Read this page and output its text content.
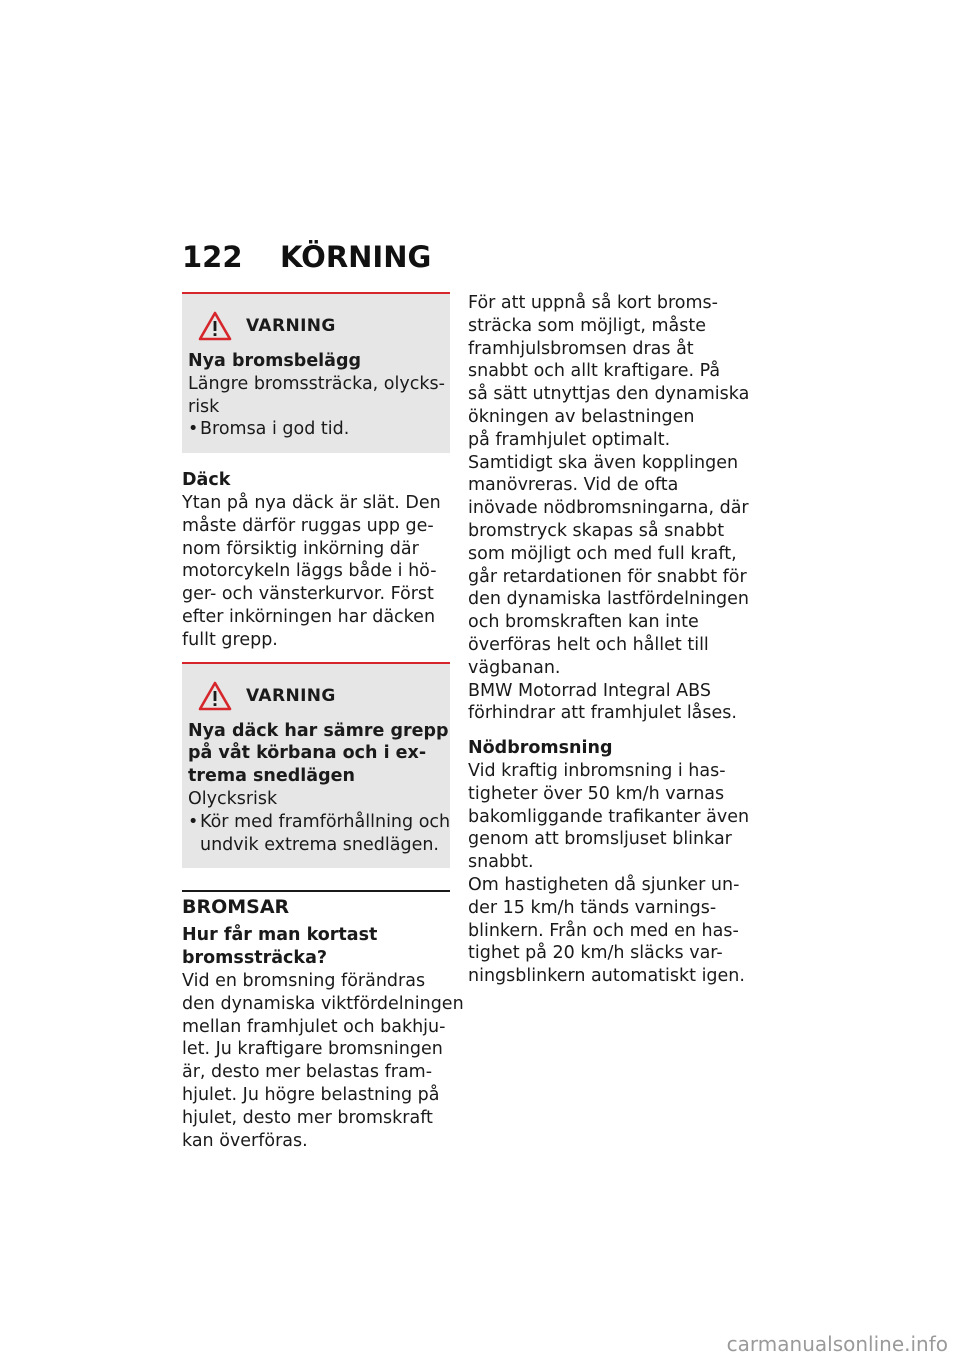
122 KÖRNING
VARNING

Nya bromsbelägg

Längre bromssträcka, olycks-

risk

• Bromsa i god tid.

Däck

Ytan på nya däck är slät. Den

måste därför ruggas upp ge-

nom försiktig inkörning där

motorcykeln läggs både i hö-

ger- och vänsterkurvor. Först

efter inkörningen har däcken

fullt grepp.

VARNING

Nya däck har sämre grepp

på våt körbana och i ex-

trema snedlägen

Olycksrisk

• Kör med framförhållning och

undvik extrema snedlägen.

BROMSAR

Hur får man kortast

bromssträcka?

Vid en bromsning förändras

den dynamiska viktfördelningen

mellan framhjulet och bakhju-

let. Ju kraftigare bromsningen

är, desto mer belastas fram-

hjulet. Ju högre belastning på

hjulet, desto mer bromskraft

kan överföras.

För att uppnå så kort broms-

sträcka som möjligt, måste

framhjulsbromsen dras åt

snabbt och allt kraftigare. På

så sätt utnyttjas den dynamiska

ökningen av belastningen

på framhjulet optimalt.

Samtidigt ska även kopplingen

manövreras. Vid de ofta

inövade nödbromsningarna, där

bromstryck skapas så snabbt

som möjligt och med full kraft,

går retardationen för snabbt för

den dynamiska lastfördelningen

och bromskraften kan inte

överföras helt och hållet till

vägbanan.

BMW Motorrad Integral ABS

förhindrar att framhjulet låses.

Nödbromsning

Vid kraftig inbromsning i has-

tigheter över 50 km/h varnas

bakomliggande trafikanter även

genom att bromsljuset blinkar

snabbt.

Om hastigheten då sjunker un-

der 15 km/h tänds varnings-

blinkern. Från och med en has-

tighet på 20 km/h släcks var-

ningsblinkern automatiskt igen.

carmanualsonline.info
